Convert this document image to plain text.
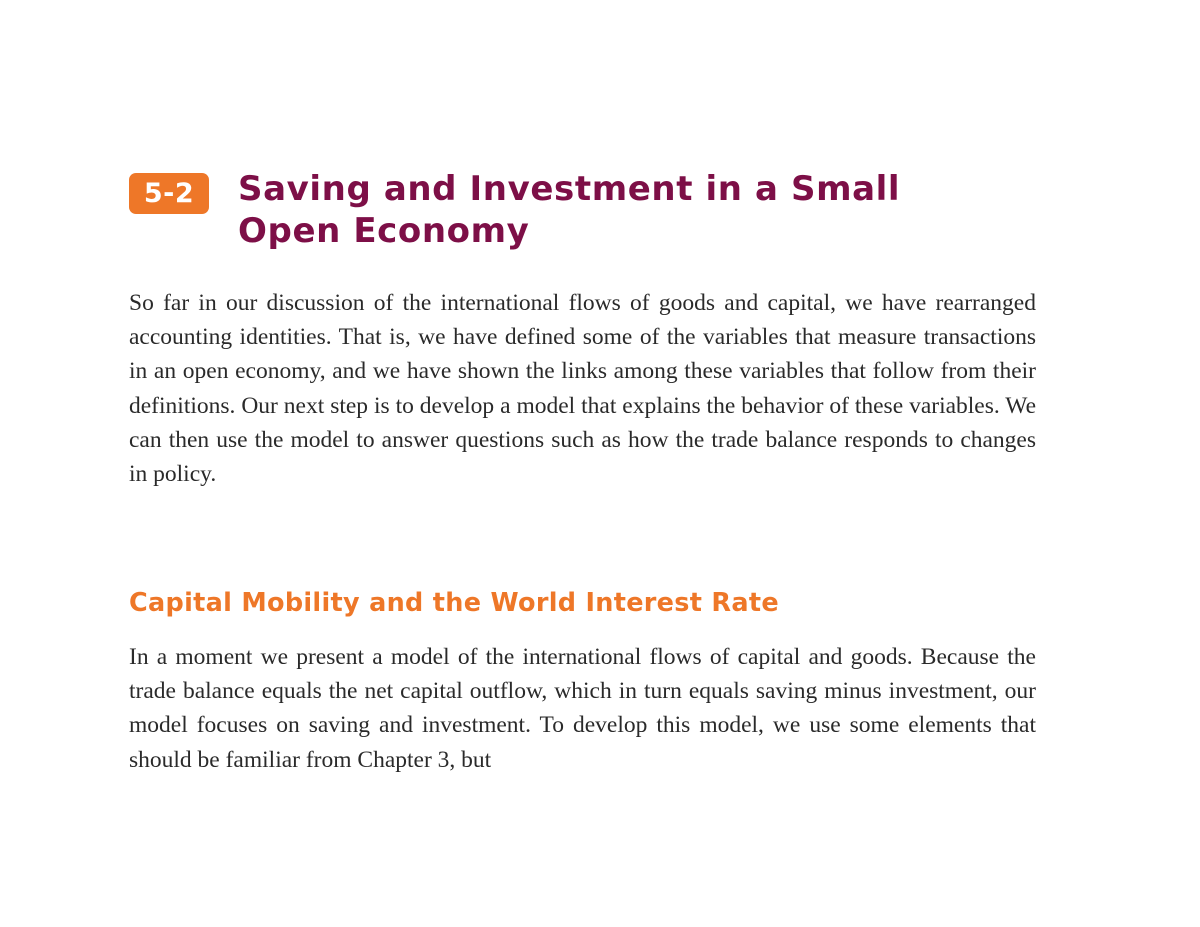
5-2	Saving and Investment in a Small Open Economy

So far in our discussion of the international flows of goods and capital, we have rearranged accounting identities. That is, we have defined some of the variables that measure transactions in an open economy, and we have shown the links among these variables that follow from their definitions. Our next step is to develop a model that explains the behavior of these variables. We can then use the model to answer questions such as how the trade balance responds to changes in policy.

Capital Mobility and the World Interest Rate

In a moment we present a model of the international flows of capital and goods. Because the trade balance equals the net capital outflow, which in turn equals saving minus investment, our model focuses on saving and investment. To develop this model, we use some elements that should be familiar from Chapter 3, but
